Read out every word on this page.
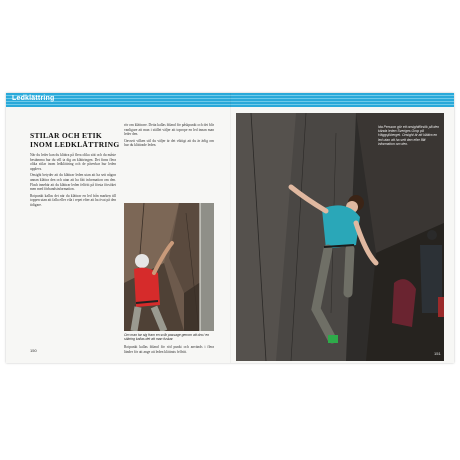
Ledklättring
STILAR OCH ETIK
INOM LEDKLÄTTRING

När du leder kan du klättra på flera olika sätt och du måste bestämma hur du vill ta dig an klättringen. Det finns flera olika stilar inom ledklättring och de påverkar hur leden upplevs.

Onsight betyder att du klättrar leden utan att ha sett någon annan klättra den och utan att ha fått information om den. Flash innebär att du klättrar leden felfritt på första försöket men med förhandsinformation.

Rotpunkt kallas det när du klättrar en led från marken till toppen utan att falla eller vila i repet efter att ha övat på den tidigare.

rör om klättrare. Detta kallas ibland för påskpunkt och det blir vanligare att man i stället väljer att toprope en led innan man leder den.

Oavsett vilken stil du väljer är det viktigt att du är ärlig om hur du klättrade leden.

Om man tar sig fram en svår passage genom att dra i en säkring kallas det att man fuskar.

Rotpunkt kallas ibland för röd punkt och används i flera länder för att ange att leden klättrats felfritt.

150
Ida Persson gör ett onsightförsök på den kända leden Sveriges Grop på Häggsjöberget. Onsight är att klättra en led utan att ha sett den eller fått information om den.
151
